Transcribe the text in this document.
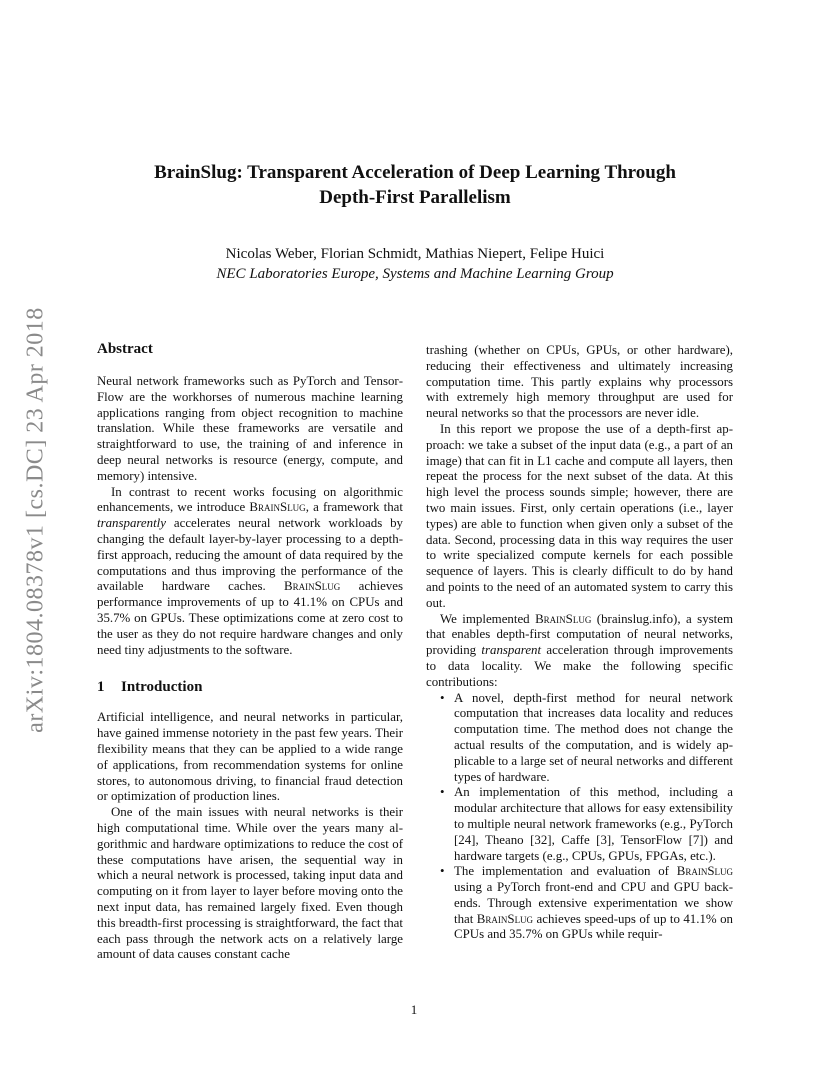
arXiv:1804.08378v1 [cs.DC] 23 Apr 2018
BrainSlug: Transparent Acceleration of Deep Learning Through
Depth-First Parallelism
Nicolas Weber, Florian Schmidt, Mathias Niepert, Felipe Huici
NEC Laboratories Europe, Systems and Machine Learning Group
Abstract

Neural network frameworks such as PyTorch and TensorFlow are the workhorses of numerous machine learning applications ranging from object recognition to machine translation. While these frameworks are versatile and straightforward to use, the training of and inference in deep neural networks is resource (energy, compute, and memory) intensive.

In contrast to recent works focusing on algorithmic enhancements, we introduce BrainSlug, a framework that transparently accelerates neural network workloads by changing the default layer-by-layer processing to a depth-first approach, reducing the amount of data required by the computations and thus improving the performance of the available hardware caches. BrainSlug achieves performance improvements of up to 41.1% on CPUs and 35.7% on GPUs. These optimizations come at zero cost to the user as they do not require hardware changes and only need tiny adjustments to the software.

1 Introduction

Artificial intelligence, and neural networks in particular, have gained immense notoriety in the past few years. Their flexibility means that they can be applied to a wide range of applications, from recommendation systems for online stores, to autonomous driving, to financial fraud detection or optimization of production lines.

One of the main issues with neural networks is their high computational time. While over the years many algorithmic and hardware optimizations to reduce the cost of these computations have arisen, the sequential way in which a neural network is processed, taking input data and computing on it from layer to layer before moving onto the next input data, has remained largely fixed. Even though this breadth-first processing is straightforward, the fact that each pass through the network acts on a relatively large amount of data causes constant cache

trashing (whether on CPUs, GPUs, or other hardware), reducing their effectiveness and ultimately increasing computation time. This partly explains why processors with extremely high memory throughput are used for neural networks so that the processors are never idle.

In this report we propose the use of a depth-first approach: we take a subset of the input data (e.g., a part of an image) that can fit in L1 cache and compute all layers, then repeat the process for the next subset of the data. At this high level the process sounds simple; however, there are two main issues. First, only certain operations (i.e., layer types) are able to function when given only a subset of the data. Second, processing data in this way requires the user to write specialized compute kernels for each possible sequence of layers. This is clearly difficult to do by hand and points to the need of an automated system to carry this out.

We implemented BrainSlug (brainslug.info), a system that enables depth-first computation of neural networks, providing transparent acceleration through improvements to data locality. We make the following specific contributions:

• A novel, depth-first method for neural network computation that increases data locality and reduces computation time. The method does not change the actual results of the computation, and is widely applicable to a large set of neural networks and different types of hardware.
• An implementation of this method, including a modular architecture that allows for easy extensibility to multiple neural network frameworks (e.g., PyTorch [24], Theano [32], Caffe [3], TensorFlow [7]) and hardware targets (e.g., CPUs, GPUs, FPGAs, etc.).
• The implementation and evaluation of BrainSlug using a PyTorch front-end and CPU and GPU back-ends. Through extensive experimentation we show that BrainSlug achieves speed-ups of up to 41.1% on CPUs and 35.7% on GPUs while requir-
1
